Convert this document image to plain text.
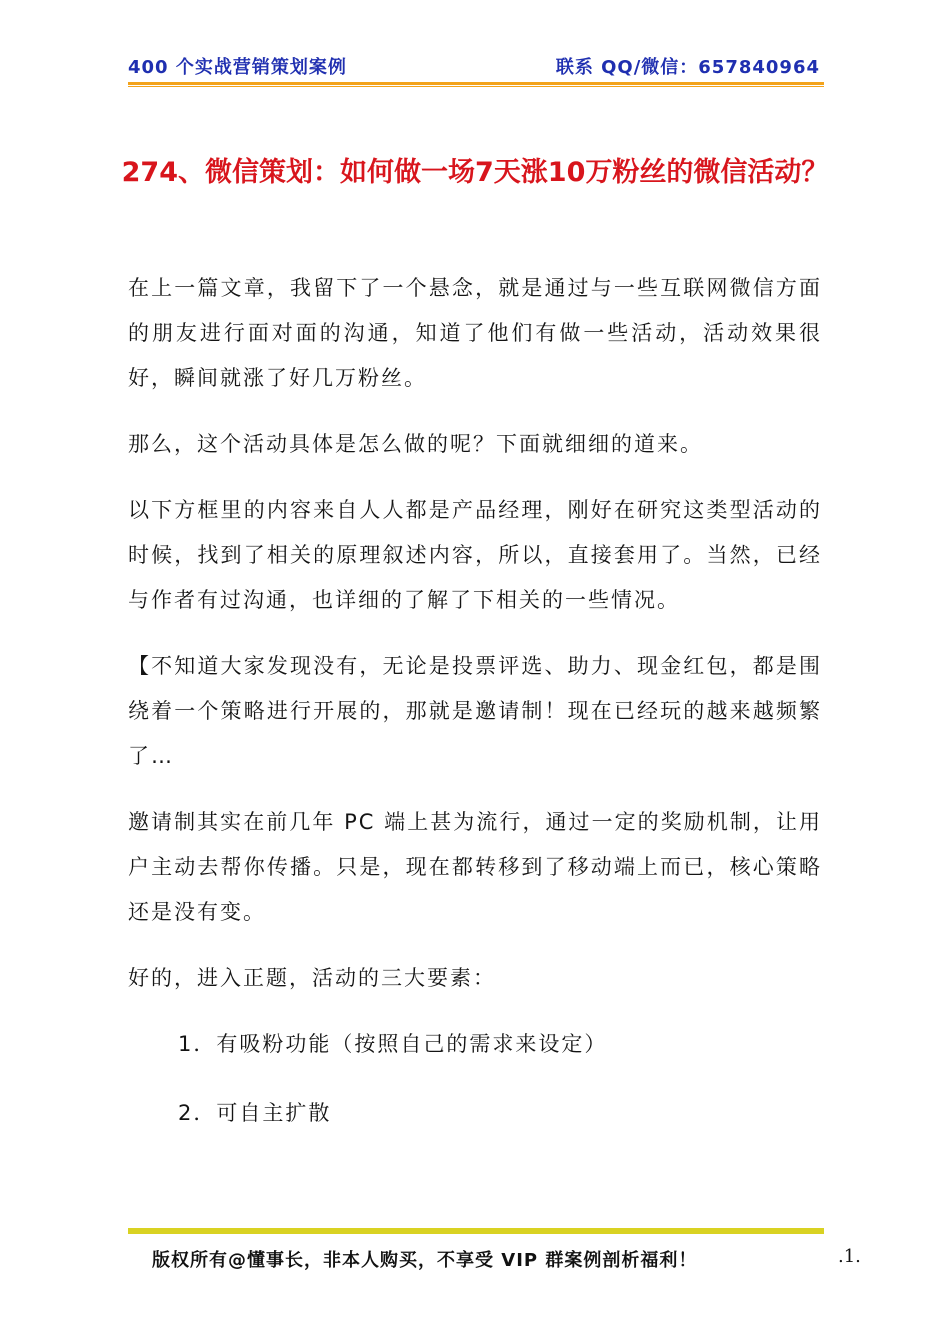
400 个实战营销策划案例	联系 QQ/微信：657840964
274、微信策划：如何做一场7天涨10万粉丝的微信活动？

在上一篇文章，我留下了一个悬念，就是通过与一些互联网微信方面的朋友进行面对面的沟通，知道了他们有做一些活动，活动效果很好，瞬间就涨了好几万粉丝。

那么，这个活动具体是怎么做的呢？下面就细细的道来。

以下方框里的内容来自人人都是产品经理，刚好在研究这类型活动的时候，找到了相关的原理叙述内容，所以，直接套用了。当然，已经与作者有过沟通，也详细的了解了下相关的一些情况。

【不知道大家发现没有，无论是投票评选、助力、现金红包，都是围绕着一个策略进行开展的，那就是邀请制！现在已经玩的越来越频繁了…

邀请制其实在前几年 PC 端上甚为流行，通过一定的奖励机制，让用户主动去帮你传播。只是，现在都转移到了移动端上而已，核心策略还是没有变。

好的，进入正题，活动的三大要素：

1．有吸粉功能（按照自己的需求来设定）
2．可自主扩散
版权所有@懂事长，非本人购买，不享受 VIP 群案例剖析福利！	.1.
